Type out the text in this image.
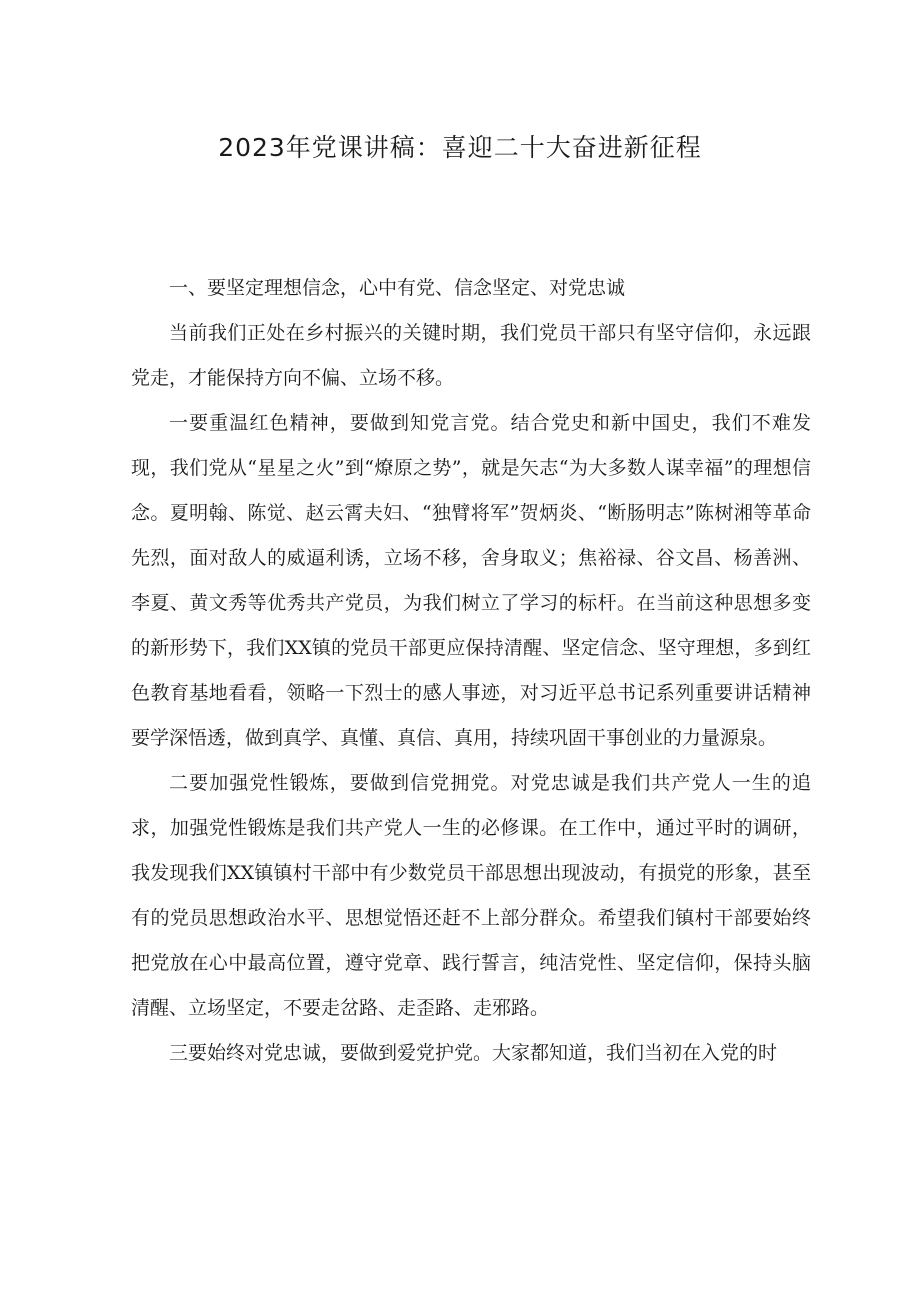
2023年党课讲稿：喜迎二十大奋进新征程

一、要坚定理想信念，心中有党、信念坚定、对党忠诚

当前我们正处在乡村振兴的关键时期，我们党员干部只有坚守信仰，永远跟党走，才能保持方向不偏、立场不移。

一要重温红色精神，要做到知党言党。结合党史和新中国史，我们不难发现，我们党从“星星之火”到“燎原之势”，就是矢志“为大多数人谋幸福”的理想信念。夏明翰、陈觉、赵云霄夫妇、“独臂将军”贺炳炎、“断肠明志”陈树湘等革命先烈，面对敌人的威逼利诱，立场不移，舍身取义；焦裕禄、谷文昌、杨善洲、李夏、黄文秀等优秀共产党员，为我们树立了学习的标杆。在当前这种思想多变的新形势下，我们XX镇的党员干部更应保持清醒、坚定信念、坚守理想，多到红色教育基地看看，领略一下烈士的感人事迹，对习近平总书记系列重要讲话精神要学深悟透，做到真学、真懂、真信、真用，持续巩固干事创业的力量源泉。

二要加强党性锻炼，要做到信党拥党。对党忠诚是我们共产党人一生的追求，加强党性锻炼是我们共产党人一生的必修课。在工作中，通过平时的调研，我发现我们XX镇镇村干部中有少数党员干部思想出现波动，有损党的形象，甚至有的党员思想政治水平、思想觉悟还赶不上部分群众。希望我们镇村干部要始终把党放在心中最高位置，遵守党章、践行誓言，纯洁党性、坚定信仰，保持头脑清醒、立场坚定，不要走岔路、走歪路、走邪路。

三要始终对党忠诚，要做到爱党护党。大家都知道，我们当初在入党的时
